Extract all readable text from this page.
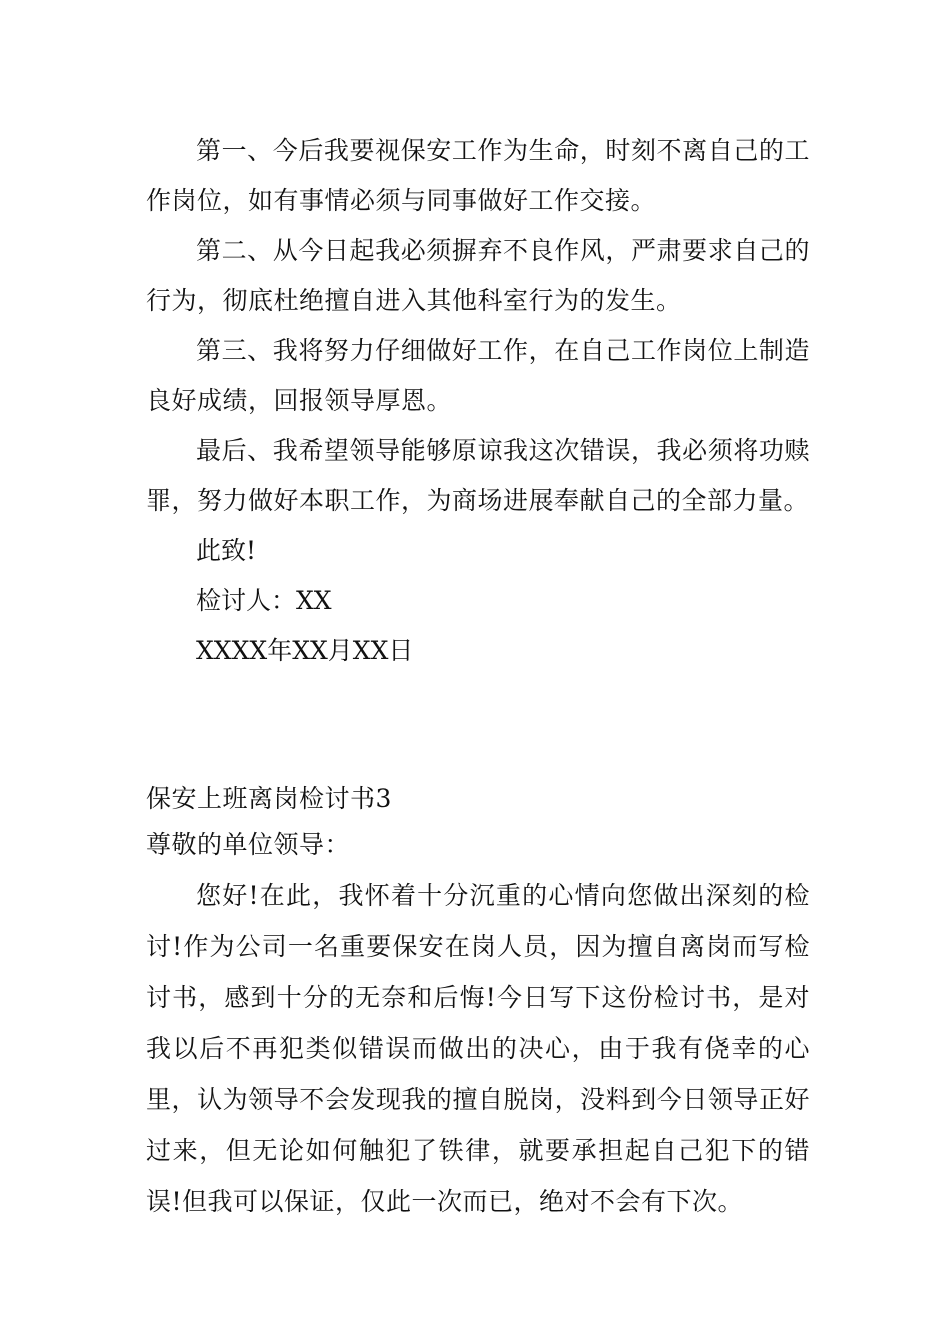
第一、今后我要视保安工作为生命，时刻不离自己的工作岗位，如有事情必须与同事做好工作交接。

第二、从今日起我必须摒弃不良作风，严肃要求自己的行为，彻底杜绝擅自进入其他科室行为的发生。

第三、我将努力仔细做好工作，在自己工作岗位上制造良好成绩，回报领导厚恩。

最后、我希望领导能够原谅我这次错误，我必须将功赎罪，努力做好本职工作，为商场进展奉献自己的全部力量。

此致!

检讨人：XX

XXXX年XX月XX日

保安上班离岗检讨书3

尊敬的单位领导：

您好!在此，我怀着十分沉重的心情向您做出深刻的检讨!作为公司一名重要保安在岗人员，因为擅自离岗而写检讨书，感到十分的无奈和后悔!今日写下这份检讨书，是对我以后不再犯类似错误而做出的决心，由于我有侥幸的心里，认为领导不会发现我的擅自脱岗，没料到今日领导正好过来，但无论如何触犯了铁律，就要承担起自己犯下的错误!但我可以保证，仅此一次而已，绝对不会有下次。
